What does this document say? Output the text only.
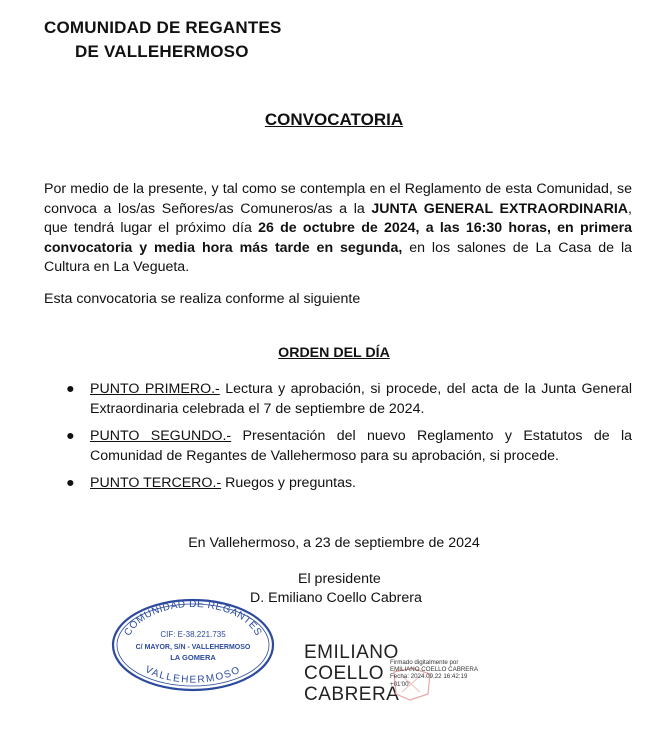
COMUNIDAD DE REGANTES
DE VALLEHERMOSO
CONVOCATORIA
Por medio de la presente, y tal como se contempla en el Reglamento de esta Comunidad, se convoca a los/as Señores/as Comuneros/as a la JUNTA GENERAL EXTRAORDINARIA, que tendrá lugar el próximo día 26 de octubre de 2024, a las 16:30 horas, en primera convocatoria y media hora más tarde en segunda, en los salones de La Casa de la Cultura en La Vegueta.
Esta convocatoria se realiza conforme al siguiente
ORDEN DEL DÍA
● PUNTO PRIMERO.- Lectura y aprobación, si procede, del acta de la Junta General Extraordinaria celebrada el 7 de septiembre de 2024.
● PUNTO SEGUNDO.- Presentación del nuevo Reglamento y Estatutos de la Comunidad de Regantes de Vallehermoso para su aprobación, si procede.
● PUNTO TERCERO.- Ruegos y preguntas.
En Vallehermoso, a 23 de septiembre de 2024
El presidente
D. Emiliano Coello Cabrera
COMUNIDAD DE REGANTES
CIF: E-38.221.735
C/ MAYOR, S/N - VALLEHERMOSO
LA GOMERA
VALLEHERMOSO
EMILIANO
COELLO
CABRERA
Firmado digitalmente por
EMILIANO COELLO CABRERA
Fecha: 2024.09.22 16:42:19
+01'00'
